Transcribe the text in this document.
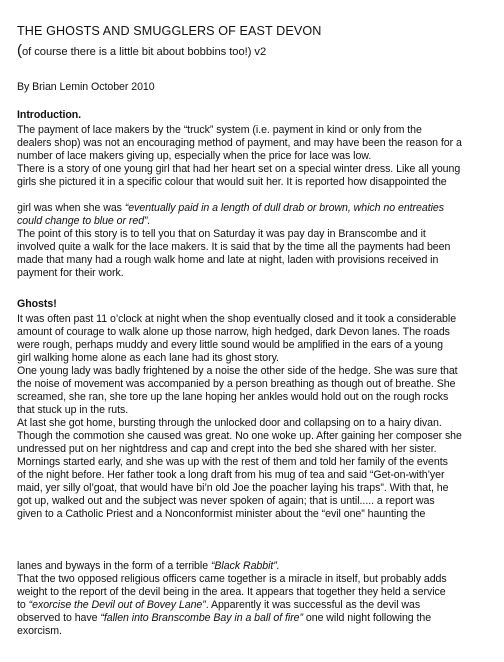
THE GHOSTS AND SMUGGLERS OF EAST DEVON
(of course there is a little bit about bobbins too!) v2
By Brian Lemin October 2010
Introduction.
The payment of lace makers by the “truck” system (i.e. payment in kind or only from the
dealers shop) was not an encouraging method of payment, and may have been the reason for a
number of lace makers giving up, especially when the price for lace was low.
There is a story of one young girl that had her heart set on a special winter dress. Like all young
girls she pictured it in a specific colour that would suit her. It is reported how disappointed the
girl was when she was “eventually paid in a length of dull drab or brown, which no entreaties
could change to blue or red”.
The point of this story is to tell you that on Saturday it was pay day in Branscombe and it
involved quite a walk for the lace makers. It is said that by the time all the payments had been
made that many had a rough walk home and late at night, laden with provisions received in
payment for their work.
Ghosts!
It was often past 11 o’clock at night when the shop eventually closed and it took a considerable
amount of courage to walk alone up those narrow, high hedged, dark Devon lanes. The roads
were rough, perhaps muddy and every little sound would be amplified in the ears of a young
girl walking home alone as each lane had its ghost story.
One young lady was badly frightened by a noise the other side of the hedge. She was sure that
the noise of movement was accompanied by a person breathing as though out of breathe. She
screamed, she ran, she tore up the lane hoping her ankles would hold out on the rough rocks
that stuck up in the ruts.
At last she got home, bursting through the unlocked door and collapsing on to a hairy divan.
Though the commotion she caused was great. No one woke up. After gaining her composer she
undressed put on her nightdress and cap and crept into the bed she shared with her sister.
Mornings started early, and she was up with the rest of them and told her family of the events
of the night before. Her father took a long draft from his mug of tea and said “Get-on-with’yer
maid, yer silly ol’goat, that would have bi’n old Joe the poacher laying his traps”. With that, he
got up, walked out and the subject was never spoken of again; that is until..... a report was
given to a Catholic Priest and a Nonconformist minister about the “evil one” haunting the
lanes and byways in the form of a terrible “Black Rabbit”.
That the two opposed religious officers came together is a miracle in itself, but probably adds
weight to the report of the devil being in the area. It appears that together they held a service
to “exorcise the Devil out of Bovey Lane”. Apparently it was successful as the devil was
observed to have “fallen into Branscombe Bay in a ball of fire” one wild night following the
exorcism.
